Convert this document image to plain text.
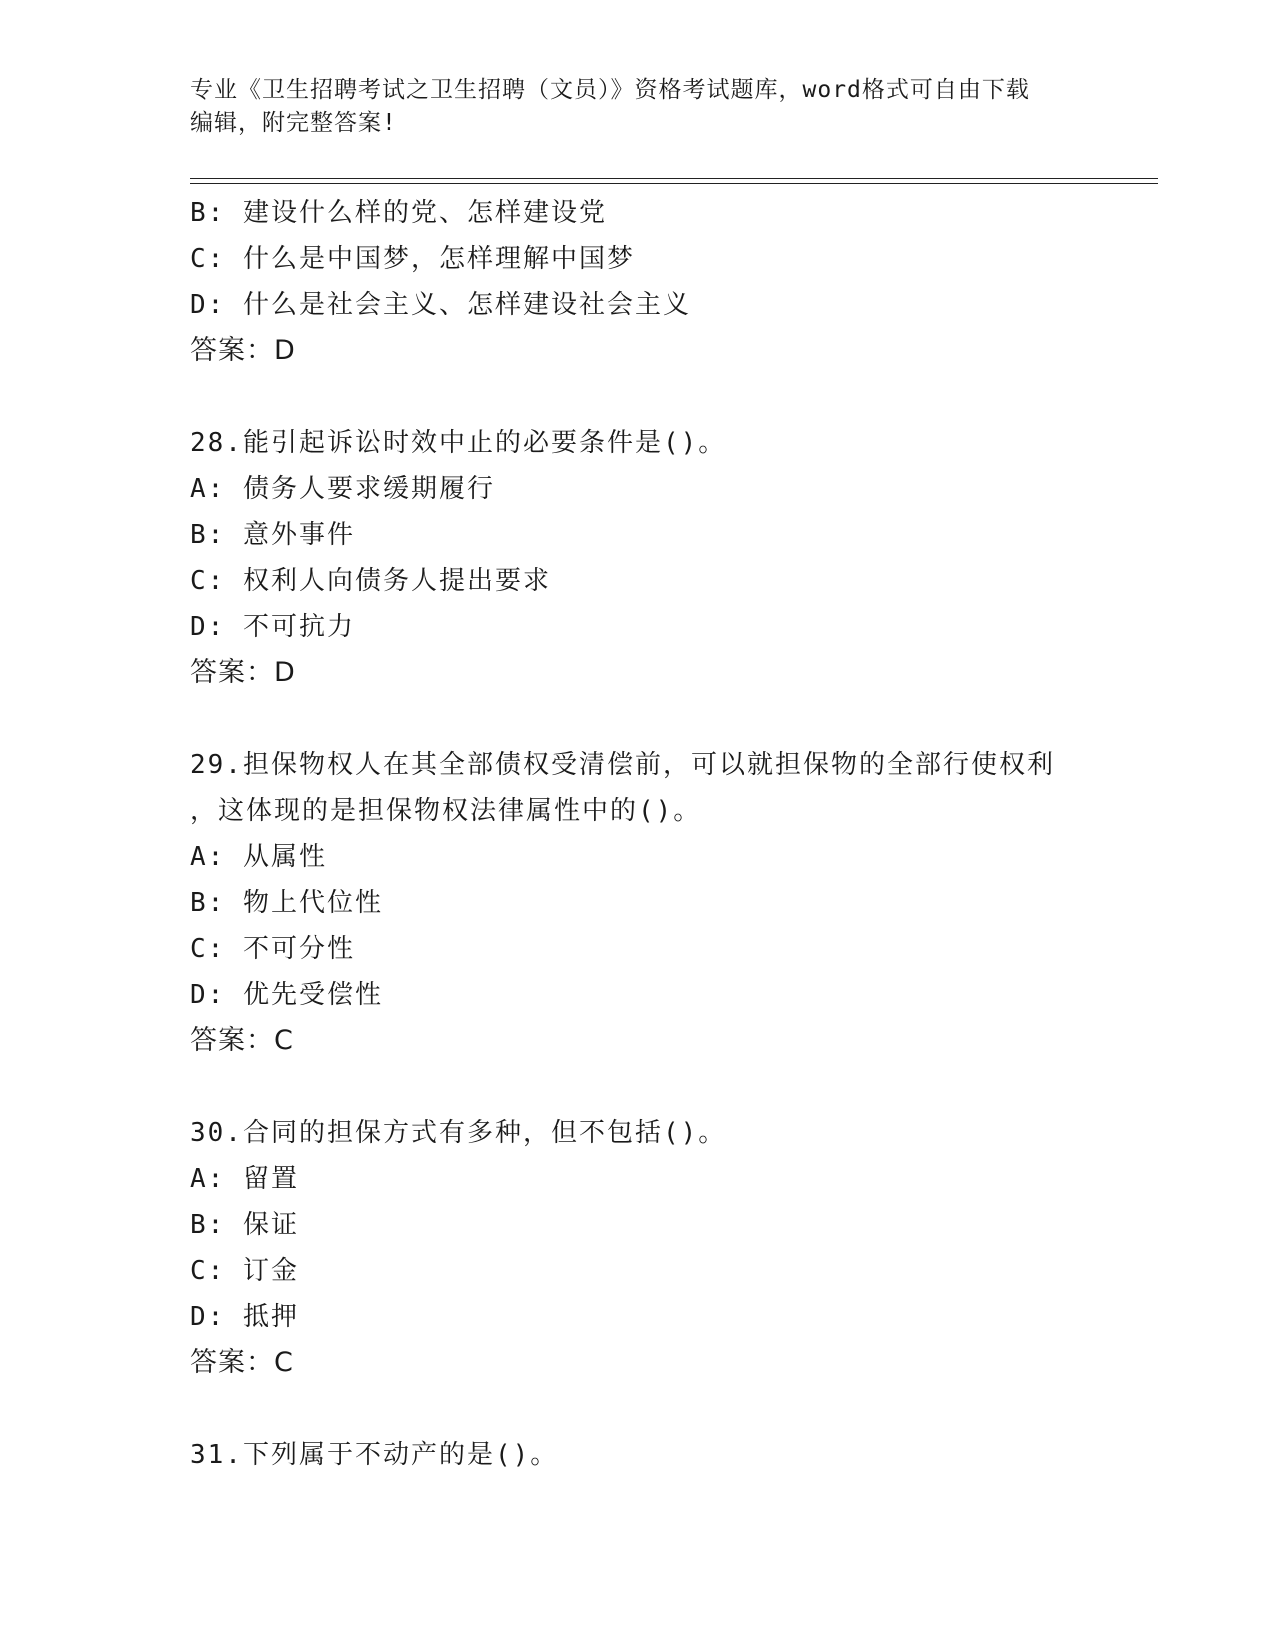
专业《卫生招聘考试之卫生招聘（文员）》资格考试题库，word格式可自由下载
编辑，附完整答案!
B: 建设什么样的党、怎样建设党
C: 什么是中国梦，怎样理解中国梦
D: 什么是社会主义、怎样建设社会主义
答案：D
28.能引起诉讼时效中止的必要条件是()。
A: 债务人要求缓期履行
B: 意外事件
C: 权利人向债务人提出要求
D: 不可抗力
答案：D
29.担保物权人在其全部债权受清偿前，可以就担保物的全部行使权利
，这体现的是担保物权法律属性中的()。
A: 从属性
B: 物上代位性
C: 不可分性
D: 优先受偿性
答案：C
30.合同的担保方式有多种，但不包括()。
A: 留置
B: 保证
C: 订金
D: 抵押
答案：C
31.下列属于不动产的是()。
